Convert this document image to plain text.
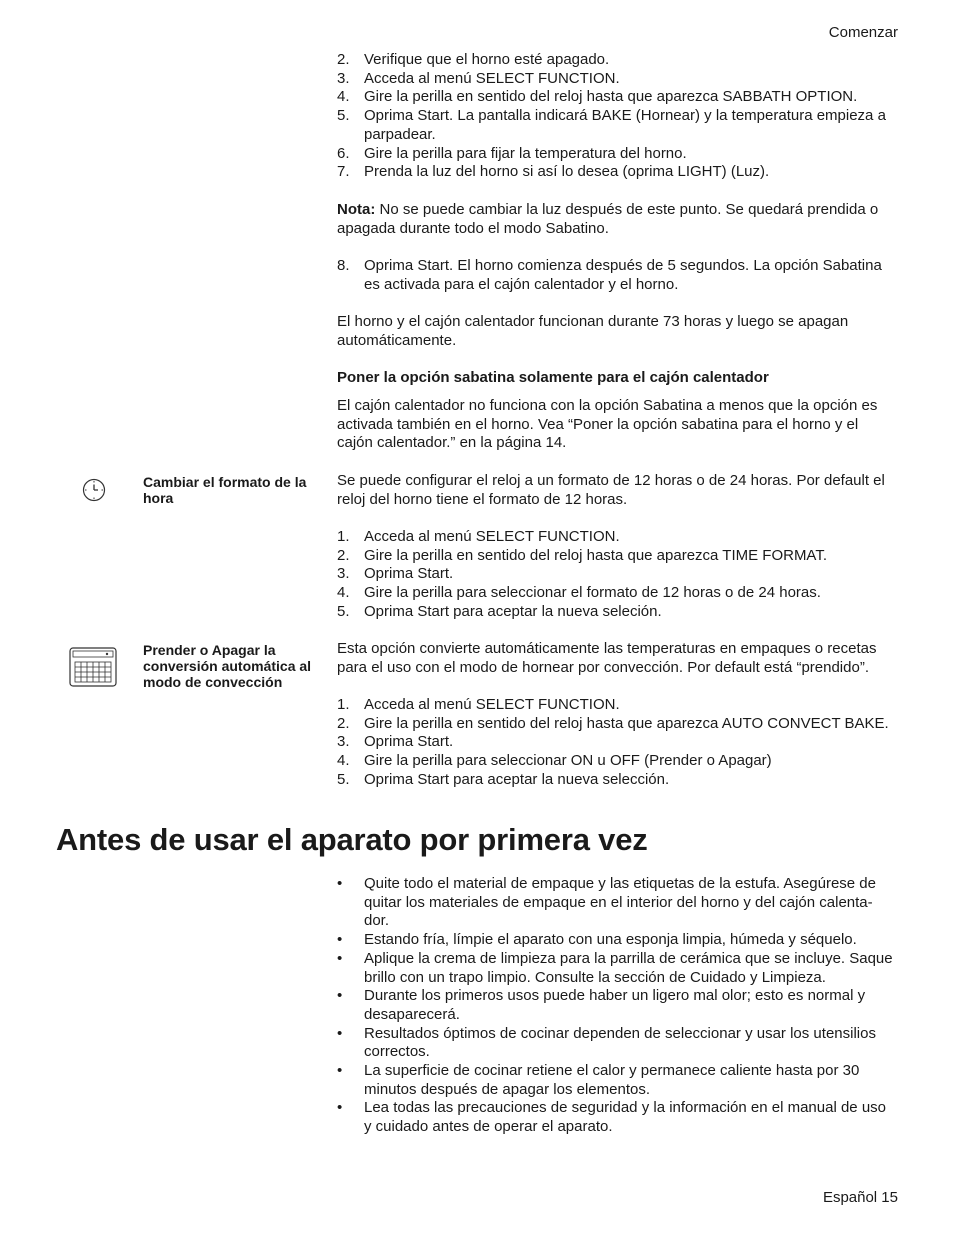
Comenzar
2. Verifique que el horno esté apagado.
3. Acceda al menú SELECT FUNCTION.
4. Gire la perilla en sentido del reloj hasta que aparezca SABBATH OPTION.
5. Oprima Start. La pantalla indicará BAKE (Hornear) y la temperatura empieza a parpadear.
6. Gire la perilla para fijar la temperatura del horno.
7. Prenda la luz del horno si así lo desea (oprima LIGHT) (Luz).

Nota: No se puede cambiar la luz después de este punto. Se quedará prendida o apagada durante todo el modo Sabatino.

8. Oprima Start. El horno comienza después de 5 segundos. La opción Sabatina es activada para el cajón calentador y el horno.

El horno y el cajón calentador funcionan durante 73 horas y luego se apagan automáticamente.

Poner la opción sabatina solamente para el cajón calentador

El cajón calentador no funciona con la opción Sabatina a menos que la opción es activada también en el horno. Vea “Poner la opción sabatina para el horno y el cajón calentador.” en la página 14.

Cambiar el formato de la hora

Se puede configurar el reloj a un formato de 12 horas o de 24 horas. Por default el reloj del horno tiene el formato de 12 horas.

1. Acceda al menú SELECT FUNCTION.
2. Gire la perilla en sentido del reloj hasta que aparezca TIME FORMAT.
3. Oprima Start.
4. Gire la perilla para seleccionar el formato de 12 horas o de 24 horas.
5. Oprima Start para aceptar la nueva seleción.
Prender o Apagar la conversión automática al modo de convección

Esta opción convierte automáticamente las temperaturas en empaques o recetas para el uso con el modo de hornear por convección. Por default está “prendido”.

1. Acceda al menú SELECT FUNCTION.
2. Gire la perilla en sentido del reloj hasta que aparezca AUTO CONVECT BAKE.
3. Oprima Start.
4. Gire la perilla para seleccionar ON u OFF (Prender o Apagar)
5. Oprima Start para aceptar la nueva selección.
Antes de usar el aparato por primera vez
• Quite todo el material de empaque y las etiquetas de la estufa. Asegúrese de quitar los materiales de empaque en el interior del horno y del cajón calenta-dor.
• Estando fría, límpie el aparato con una esponja limpia, húmeda y séquelo.
• Aplique la crema de limpieza para la parrilla de cerámica que se incluye. Saque brillo con un trapo limpio. Consulte la sección de Cuidado y Limpieza.
• Durante los primeros usos puede haber un ligero mal olor; esto es normal y desaparecerá.
• Resultados óptimos de cocinar dependen de seleccionar y usar los utensilios correctos.
• La superficie de cocinar retiene el calor y permanece caliente hasta por 30 minutos después de apagar los elementos.
• Lea todas las precauciones de seguridad y la información en el manual de uso y cuidado antes de operar el aparato.
Español 15
